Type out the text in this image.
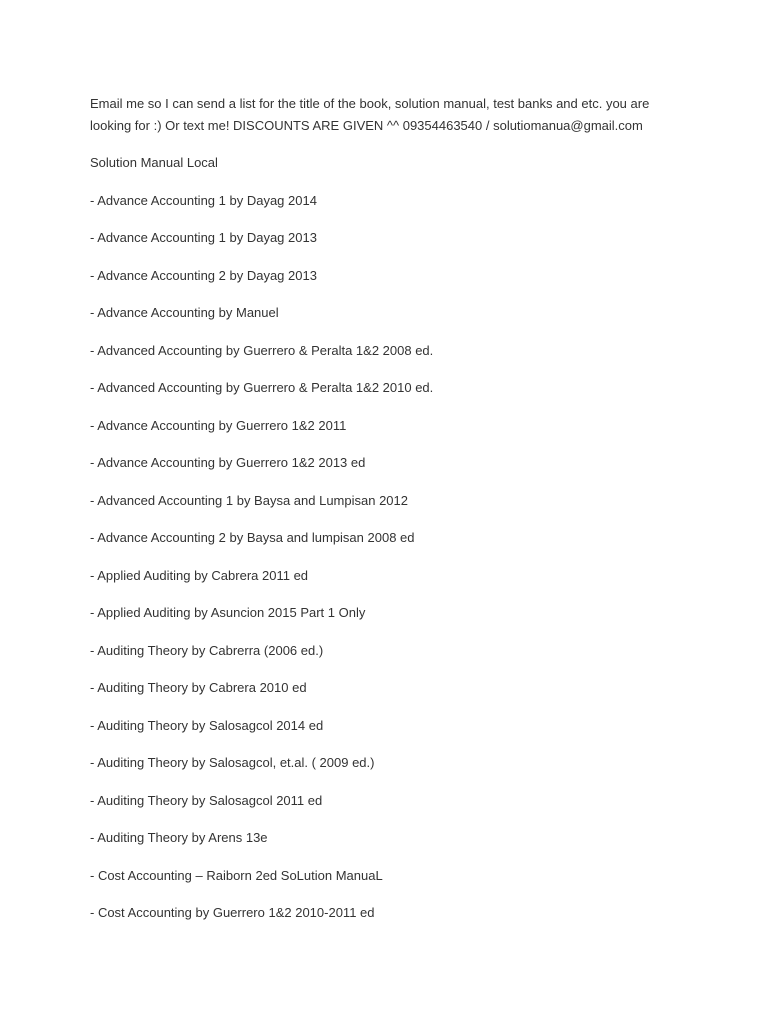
Email me so I can send a list for the title of the book, solution manual, test banks and etc. you are looking for :) Or text me! DISCOUNTS ARE GIVEN ^^ 09354463540 / solutiomanua@gmail.com

Solution Manual Local

- Advance Accounting 1 by Dayag 2014
- Advance Accounting 1 by Dayag 2013
- Advance Accounting 2 by Dayag 2013
- Advance Accounting by Manuel
- Advanced Accounting by Guerrero & Peralta 1&2 2008 ed.
- Advanced Accounting by Guerrero & Peralta 1&2 2010 ed.
- Advance Accounting by Guerrero 1&2 2011
- Advance Accounting by Guerrero 1&2 2013 ed
- Advanced Accounting 1 by Baysa and Lumpisan 2012
- Advance Accounting 2 by Baysa and lumpisan 2008 ed
- Applied Auditing by Cabrera 2011 ed
- Applied Auditing by Asuncion 2015 Part 1 Only
- Auditing Theory by Cabrerra (2006 ed.)
- Auditing Theory by Cabrera 2010 ed
- Auditing Theory by Salosagcol 2014 ed
- Auditing Theory by Salosagcol, et.al. ( 2009 ed.)
- Auditing Theory by Salosagcol 2011 ed
- Auditing Theory by Arens 13e
- Cost Accounting – Raiborn 2ed SoLution ManuaL
- Cost Accounting by Guerrero 1&2 2010-2011 ed
